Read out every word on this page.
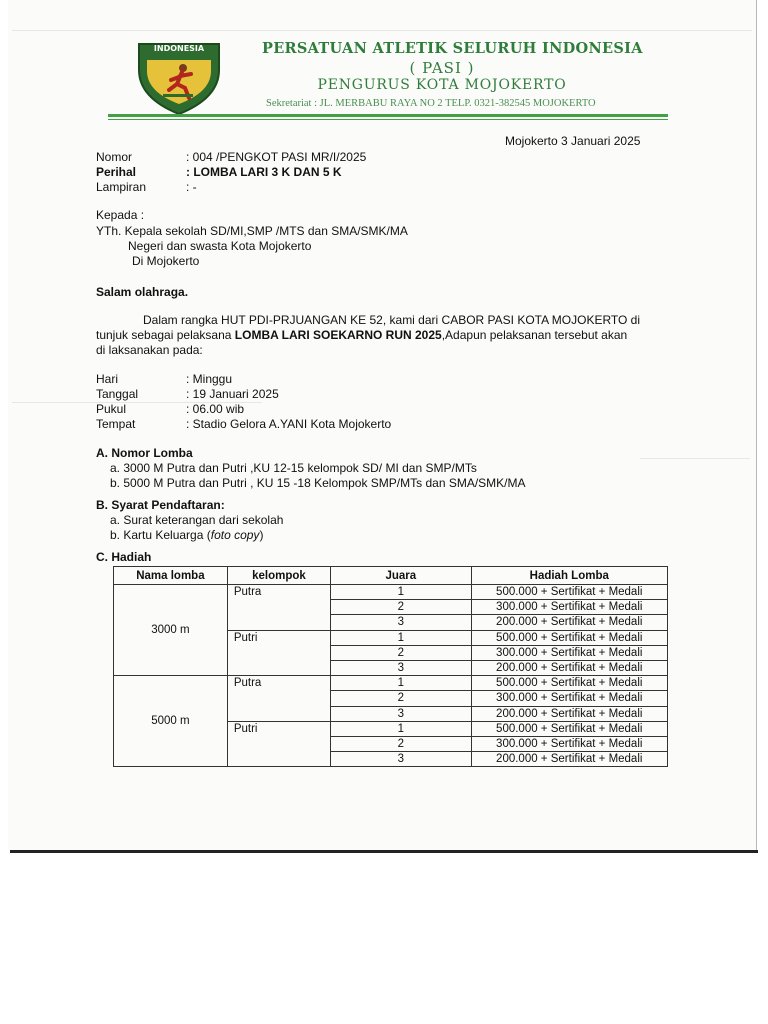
INDONESIA	PERSATUAN ATLETIK SELURUH INDONESIA
( PASI )
PENGURUS KOTA MOJOKERTO
Sekretariat : JL. MERBABU RAYA NO 2 TELP. 0321-382545 MOJOKERTO
Mojokerto 3 Januari 2025
Nomor	: 004 /PENGKOT PASI MR/I/2025
Perihal	: LOMBA LARI 3 K DAN 5 K
Lampiran	: -
Kepada :
YTh. Kepala sekolah SD/MI,SMP /MTS dan SMA/SMK/MA
Negeri dan swasta Kota Mojokerto
Di Mojokerto
Salam olahraga.
Dalam rangka HUT PDI-PRJUANGAN KE 52, kami dari CABOR PASI KOTA MOJOKERTO di
tunjuk sebagai pelaksana LOMBA LARI SOEKARNO RUN 2025,Adapun pelaksanan tersebut akan
di laksanakan pada:
Hari	: Minggu
Tanggal	: 19 Januari 2025
Pukul	: 06.00 wib
Tempat	: Stadio Gelora A.YANI Kota Mojokerto
A. Nomor Lomba
a. 3000 M Putra dan Putri ,KU 12-15 kelompok SD/ MI dan SMP/MTs
b. 5000 M Putra dan Putri , KU 15 -18 Kelompok SMP/MTs dan SMA/SMK/MA
B. Syarat Pendaftaran:
a. Surat keterangan dari sekolah
b. Kartu Keluarga (foto copy)
C. Hadiah
Nama lomba	kelompok	Juara	Hadiah Lomba
3000 m	Putra	1	500.000 + Sertifikat + Medali
		2	300.000 + Sertifikat + Medali
		3	200.000 + Sertifikat + Medali
	Putri	1	500.000 + Sertifikat + Medali
		2	300.000 + Sertifikat + Medali
		3	200.000 + Sertifikat + Medali
5000 m	Putra	1	500.000 + Sertifikat + Medali
		2	300.000 + Sertifikat + Medali
		3	200.000 + Sertifikat + Medali
	Putri	1	500.000 + Sertifikat + Medali
		2	300.000 + Sertifikat + Medali
		3	200.000 + Sertifikat + Medali
